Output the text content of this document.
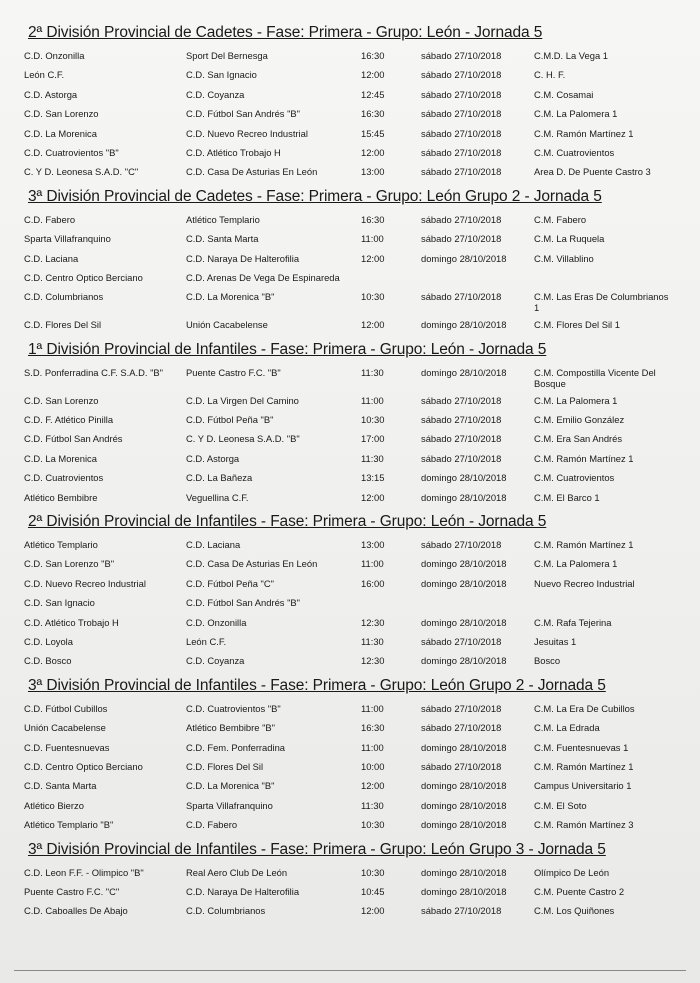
2ª División Provincial de Cadetes - Fase: Primera - Grupo: León - Jornada 5
C.D. Onzonilla	Sport Del Bernesga	16:30	sábado 27/10/2018	C.M.D. La Vega 1
León C.F.	C.D. San Ignacio	12:00	sábado 27/10/2018	C. H. F.
C.D. Astorga	C.D. Coyanza	12:45	sábado 27/10/2018	C.M. Cosamai
C.D. San Lorenzo	C.D. Fútbol San Andrés "B"	16:30	sábado 27/10/2018	C.M. La Palomera 1
C.D. La Morenica	C.D. Nuevo Recreo Industrial	15:45	sábado 27/10/2018	C.M. Ramón Martínez 1
C.D. Cuatrovientos "B"	C.D. Atlético Trobajo H	12:00	sábado 27/10/2018	C.M. Cuatrovientos
C. Y D. Leonesa S.A.D. "C"	C.D. Casa De Asturias En León	13:00	sábado 27/10/2018	Area D. De Puente Castro 3
3ª División Provincial de Cadetes - Fase: Primera - Grupo: León Grupo 2 - Jornada 5
C.D. Fabero	Atlético Templario	16:30	sábado 27/10/2018	C.M. Fabero
Sparta Villafranquino	C.D. Santa Marta	11:00	sábado 27/10/2018	C.M. La Ruquela
C.D. Laciana	C.D. Naraya De Halterofilia	12:00	domingo 28/10/2018	C.M. Villablino
C.D. Centro Optico Berciano	C.D. Arenas De Vega De Espinareda
C.D. Columbrianos	C.D. La Morenica "B"	10:30	sábado 27/10/2018	C.M. Las Eras De Columbrianos 1
C.D. Flores Del Sil	Unión Cacabelense	12:00	domingo 28/10/2018	C.M. Flores Del Sil 1
1ª División Provincial de Infantiles - Fase: Primera - Grupo: León - Jornada 5
S.D. Ponferradina C.F. S.A.D. "B"	Puente Castro F.C. "B"	11:30	domingo 28/10/2018	C.M. Compostilla Vicente Del Bosque
C.D. San Lorenzo	C.D. La Virgen Del Camino	11:00	sábado 27/10/2018	C.M. La Palomera 1
C.D. F. Atlético Pinilla	C.D. Fútbol Peña "B"	10:30	sábado 27/10/2018	C.M. Emilio González
C.D. Fútbol San Andrés	C. Y D. Leonesa S.A.D. "B"	17:00	sábado 27/10/2018	C.M. Era San Andrés
C.D. La Morenica	C.D. Astorga	11:30	sábado 27/10/2018	C.M. Ramón Martínez 1
C.D. Cuatrovientos	C.D. La Bañeza	13:15	domingo 28/10/2018	C.M. Cuatrovientos
Atlético Bembibre	Veguellina C.F.	12:00	domingo 28/10/2018	C.M. El Barco 1
2ª División Provincial de Infantiles - Fase: Primera - Grupo: León - Jornada 5
Atlético Templario	C.D. Laciana	13:00	sábado 27/10/2018	C.M. Ramón Martínez 1
C.D. San Lorenzo "B"	C.D. Casa De Asturias En León	11:00	domingo 28/10/2018	C.M. La Palomera 1
C.D. Nuevo Recreo Industrial	C.D. Fútbol Peña "C"	16:00	domingo 28/10/2018	Nuevo Recreo Industrial
C.D. San Ignacio	C.D. Fútbol San Andrés "B"
C.D. Atlético Trobajo H	C.D. Onzonilla	12:30	domingo 28/10/2018	C.M. Rafa Tejerina
C.D. Loyola	León C.F.	11:30	sábado 27/10/2018	Jesuitas 1
C.D. Bosco	C.D. Coyanza	12:30	domingo 28/10/2018	Bosco
3ª División Provincial de Infantiles - Fase: Primera - Grupo: León Grupo 2 - Jornada 5
C.D. Fútbol Cubillos	C.D. Cuatrovientos "B"	11:00	sábado 27/10/2018	C.M. La Era De Cubillos
Unión Cacabelense	Atlético Bembibre "B"	16:30	sábado 27/10/2018	C.M. La Edrada
C.D. Fuentesnuevas	C.D. Fem. Ponferradina	11:00	domingo 28/10/2018	C.M. Fuentesnuevas 1
C.D. Centro Optico Berciano	C.D. Flores Del Sil	10:00	sábado 27/10/2018	C.M. Ramón Martínez 1
C.D. Santa Marta	C.D. La Morenica "B"	12:00	domingo 28/10/2018	Campus Universitario 1
Atlético Bierzo	Sparta Villafranquino	11:30	domingo 28/10/2018	C.M. El Soto
Atlético Templario "B"	C.D. Fabero	10:30	domingo 28/10/2018	C.M. Ramón Martínez 3
3ª División Provincial de Infantiles - Fase: Primera - Grupo: León Grupo 3 - Jornada 5
C.D. Leon F.F. - Olimpico "B"	Real Aero Club De León	10:30	domingo 28/10/2018	Olímpico De León
Puente Castro F.C. "C"	C.D. Naraya De Halterofilia	10:45	domingo 28/10/2018	C.M. Puente Castro 2
C.D. Caboalles De Abajo	C.D. Columbrianos	12:00	sábado 27/10/2018	C.M. Los Quiñones
